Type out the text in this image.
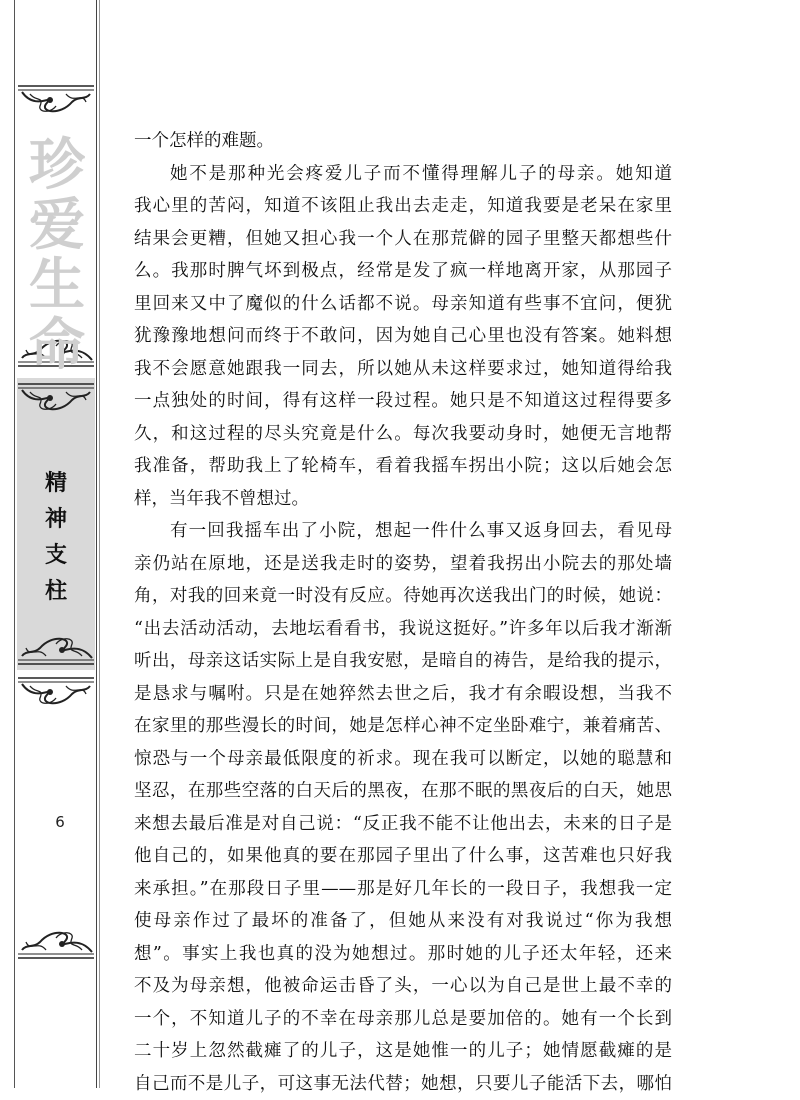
珍
爱
生
命
精
神
支
柱
6
一个怎样的难题。
她不是那种光会疼爱儿子而不懂得理解儿子的母亲。她知道
我心里的苦闷，知道不该阻止我出去走走，知道我要是老呆在家里
结果会更糟，但她又担心我一个人在那荒僻的园子里整天都想些什
么。我那时脾气坏到极点，经常是发了疯一样地离开家，从那园子
里回来又中了魔似的什么话都不说。母亲知道有些事不宜问，便犹
犹豫豫地想问而终于不敢问，因为她自己心里也没有答案。她料想
我不会愿意她跟我一同去，所以她从未这样要求过，她知道得给我
一点独处的时间，得有这样一段过程。她只是不知道这过程得要多
久，和这过程的尽头究竟是什么。每次我要动身时，她便无言地帮
我准备，帮助我上了轮椅车，看着我摇车拐出小院；这以后她会怎
样，当年我不曾想过。
有一回我摇车出了小院，想起一件什么事又返身回去，看见母
亲仍站在原地，还是送我走时的姿势，望着我拐出小院去的那处墙
角，对我的回来竟一时没有反应。待她再次送我出门的时候，她说：
“出去活动活动，去地坛看看书，我说这挺好。”许多年以后我才渐渐
听出，母亲这话实际上是自我安慰，是暗自的祷告，是给我的提示，
是恳求与嘱咐。只是在她猝然去世之后，我才有余暇设想，当我不
在家里的那些漫长的时间，她是怎样心神不定坐卧难宁，兼着痛苦、
惊恐与一个母亲最低限度的祈求。现在我可以断定，以她的聪慧和
坚忍，在那些空落的白天后的黑夜，在那不眠的黑夜后的白天，她思
来想去最后准是对自己说：“反正我不能不让他出去，未来的日子是
他自己的，如果他真的要在那园子里出了什么事，这苦难也只好我
来承担。”在那段日子里——那是好几年长的一段日子，我想我一定
使母亲作过了最坏的准备了，但她从来没有对我说过“你为我想
想”。事实上我也真的没为她想过。那时她的儿子还太年轻，还来
不及为母亲想，他被命运击昏了头，一心以为自己是世上最不幸的
一个，不知道儿子的不幸在母亲那儿总是要加倍的。她有一个长到
二十岁上忽然截瘫了的儿子，这是她惟一的儿子；她情愿截瘫的是
自己而不是儿子，可这事无法代替；她想，只要儿子能活下去，哪怕
